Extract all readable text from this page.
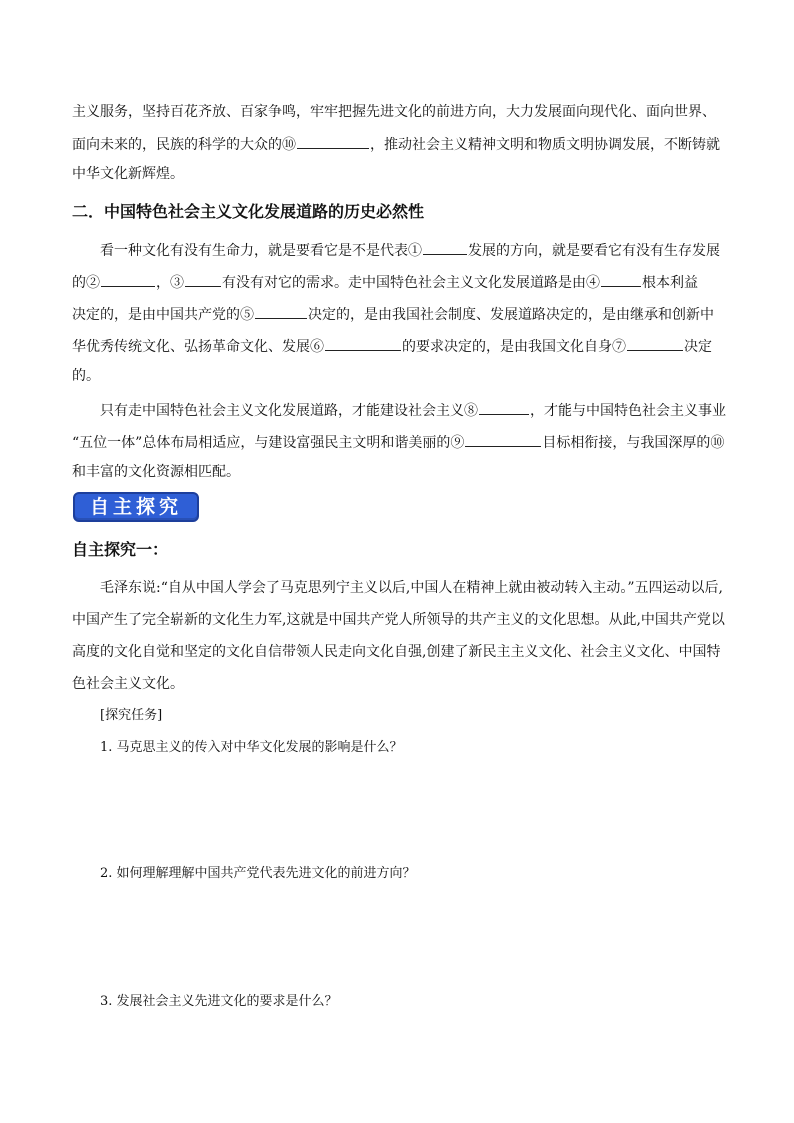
主义服务，坚持百花齐放、百家争鸣，牢牢把握先进文化的前进方向，大力发展面向现代化、面向世界、
面向未来的，民族的科学的大众的⑩	，推动社会主义精神文明和物质文明协调发展，不断铸就
中华文化新辉煌。
二．中国特色社会主义文化发展道路的历史必然性
看一种文化有没有生命力，就是要看它是不是代表①	发展的方向，就是要看它有没有生存发展
的②	，③	有没有对它的需求。走中国特色社会主义文化发展道路是由④	根本利益
决定的，是由中国共产党的⑤	决定的，是由我国社会制度、发展道路决定的，是由继承和创新中
华优秀传统文化、弘扬革命文化、发展⑥	的要求决定的，是由我国文化自身⑦	决定
的。
只有走中国特色社会主义文化发展道路，才能建设社会主义⑧	，才能与中国特色社会主义事业
“五位一体”总体布局相适应，与建设富强民主文明和谐美丽的⑨	目标相衔接，与我国深厚的⑩
和丰富的文化资源相匹配。
自主探究
自主探究一：
毛泽东说:“自从中国人学会了马克思列宁主义以后,中国人在精神上就由被动转入主动。”五四运动以后,
中国产生了完全崭新的文化生力军,这就是中国共产党人所领导的共产主义的文化思想。从此,中国共产党以
高度的文化自觉和坚定的文化自信带领人民走向文化自强,创建了新民主主义文化、社会主义文化、中国特
色社会主义文化。
[探究任务]
1. 马克思主义的传入对中华文化发展的影响是什么？
2. 如何理解理解中国共产党代表先进文化的前进方向？
3. 发展社会主义先进文化的要求是什么？
